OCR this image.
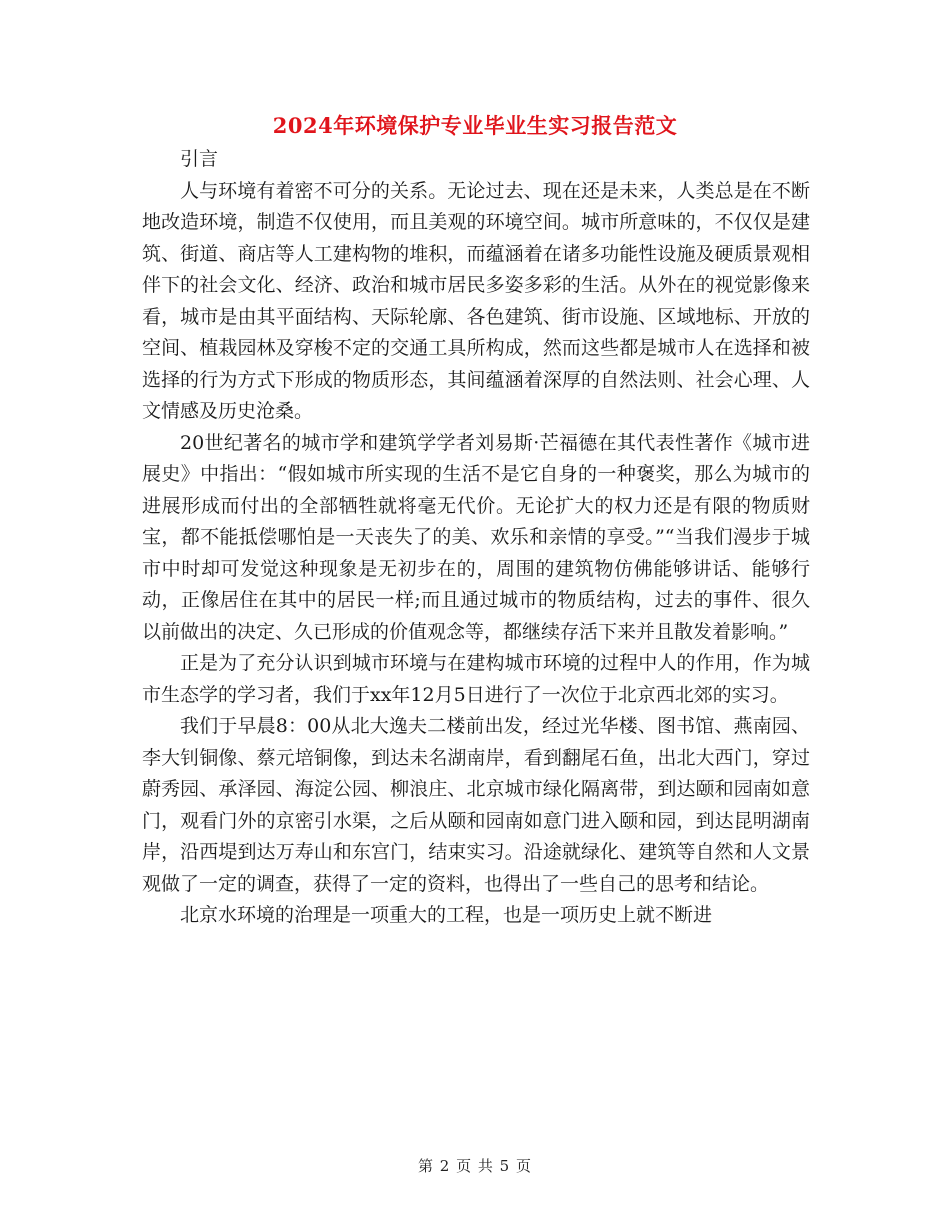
2024年环境保护专业毕业生实习报告范文

引言

人与环境有着密不可分的关系。无论过去、现在还是未来，人类总是在不断地改造环境，制造不仅使用，而且美观的环境空间。城市所意味的，不仅仅是建筑、街道、商店等人工建构物的堆积，而蕴涵着在诸多功能性设施及硬质景观相伴下的社会文化、经济、政治和城市居民多姿多彩的生活。从外在的视觉影像来看，城市是由其平面结构、天际轮廓、各色建筑、街市设施、区域地标、开放的空间、植栽园林及穿梭不定的交通工具所构成，然而这些都是城市人在选择和被选择的行为方式下形成的物质形态，其间蕴涵着深厚的自然法则、社会心理、人文情感及历史沧桑。

20世纪著名的城市学和建筑学学者刘易斯·芒福德在其代表性著作《城市进展史》中指出：“假如城市所实现的生活不是它自身的一种褒奖，那么为城市的进展形成而付出的全部牺牲就将毫无代价。无论扩大的权力还是有限的物质财宝，都不能抵偿哪怕是一天丧失了的美、欢乐和亲情的享受。”“当我们漫步于城市中时却可发觉这种现象是无初步在的，周围的建筑物仿佛能够讲话、能够行动，正像居住在其中的居民一样;而且通过城市的物质结构，过去的事件、很久以前做出的决定、久已形成的价值观念等，都继续存活下来并且散发着影响。”

正是为了充分认识到城市环境与在建构城市环境的过程中人的作用，作为城市生态学的学习者，我们于xx年12月5日进行了一次位于北京西北郊的实习。

我们于早晨8：00从北大逸夫二楼前出发，经过光华楼、图书馆、燕南园、李大钊铜像、蔡元培铜像，到达未名湖南岸，看到翻尾石鱼，出北大西门，穿过蔚秀园、承泽园、海淀公园、柳浪庄、北京城市绿化隔离带，到达颐和园南如意门，观看门外的京密引水渠，之后从颐和园南如意门进入颐和园，到达昆明湖南岸，沿西堤到达万寿山和东宫门，结束实习。沿途就绿化、建筑等自然和人文景观做了一定的调查，获得了一定的资料，也得出了一些自己的思考和结论。

北京水环境的治理是一项重大的工程，也是一项历史上就不断进

第 2 页 共 5 页
